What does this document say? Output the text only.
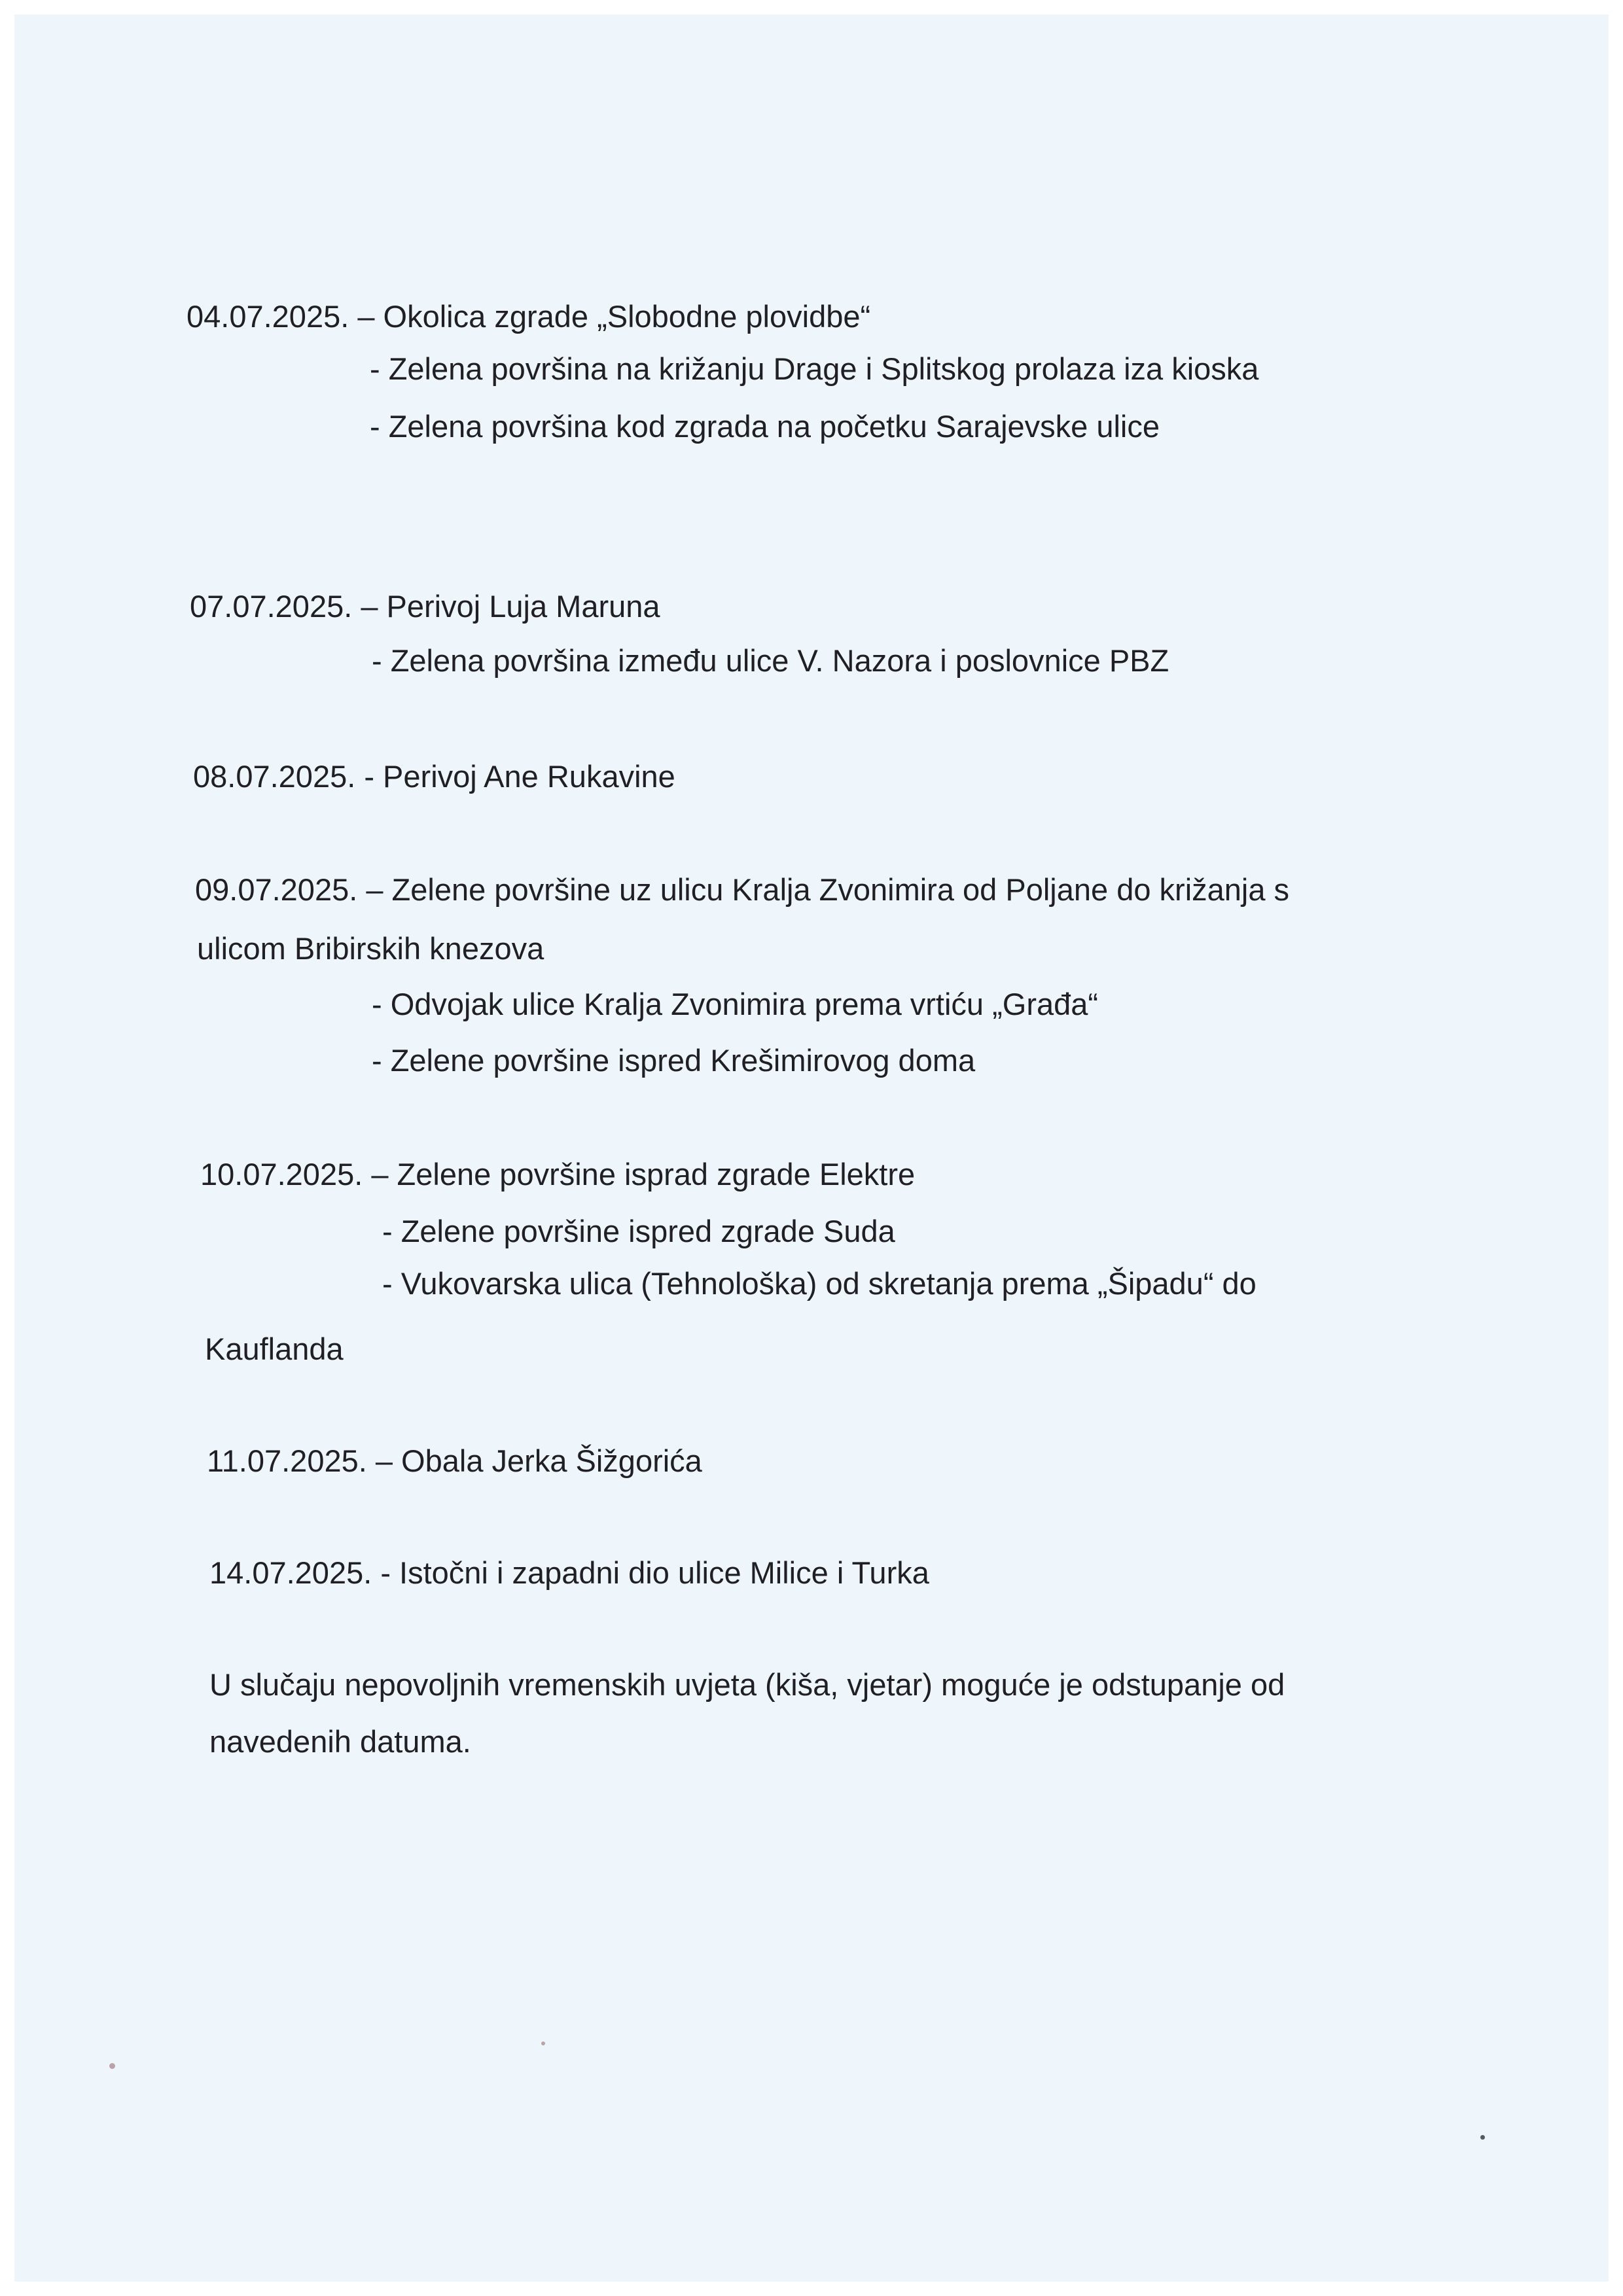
04.07.2025. – Okolica zgrade „Slobodne plovidbe“
- Zelena površina na križanju Drage i Splitskog prolaza iza kioska
- Zelena površina kod zgrada na početku Sarajevske ulice
07.07.2025. – Perivoj Luja Maruna
- Zelena površina između ulice V. Nazora i poslovnice PBZ
08.07.2025. - Perivoj Ane Rukavine
09.07.2025. – Zelene površine uz ulicu Kralja Zvonimira od Poljane do križanja s
ulicom Bribirskih knezova
- Odvojak ulice Kralja Zvonimira prema vrtiću „Građa“
- Zelene površine ispred Krešimirovog doma
10.07.2025. – Zelene površine isprad zgrade Elektre
- Zelene površine ispred zgrade Suda
- Vukovarska ulica (Tehnološka) od skretanja prema „Šipadu“ do
Kauflanda
11.07.2025. – Obala Jerka Šižgorića
14.07.2025. - Istočni i zapadni dio ulice Milice i Turka
U slučaju nepovoljnih vremenskih uvjeta (kiša, vjetar) moguće je odstupanje od
navedenih datuma.
